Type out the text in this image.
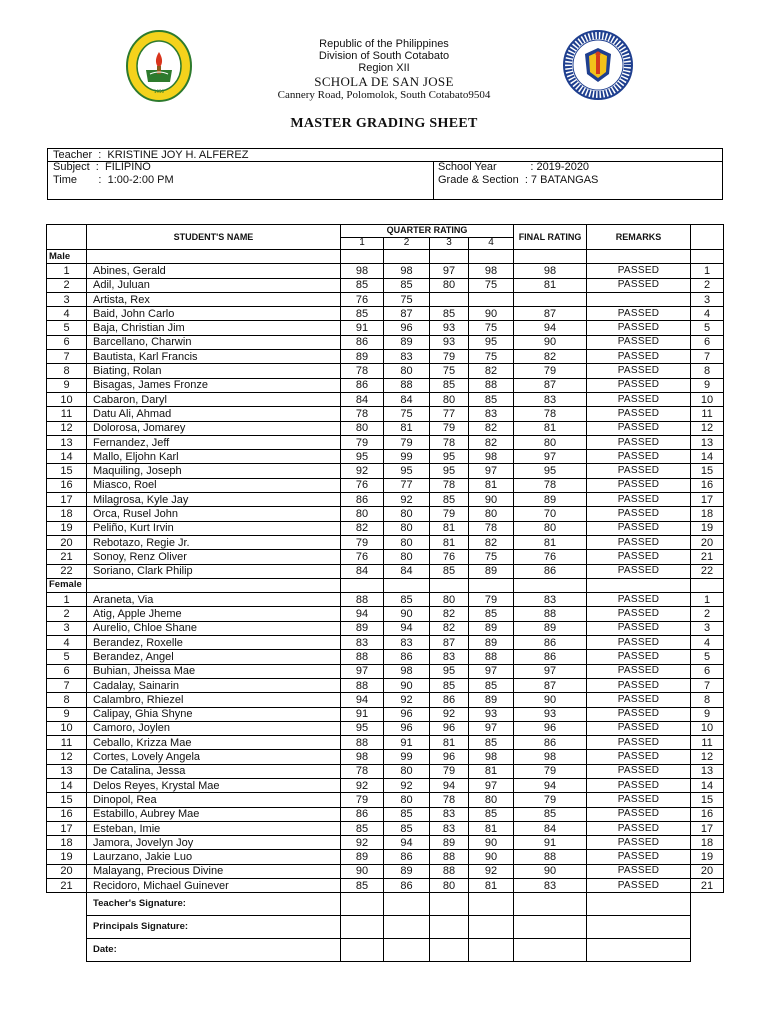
1950
Republic of the Philippines
Division of South Cotabato
Region XII
SCHOLA DE SAN JOSE
Cannery Road, Polomolok, South Cotabato9504
MASTER GRADING SHEET
Teacher  :  KRISTINE JOY H. ALFEREZ
Subject  :  FILIPINO
Time       :  1:00-2:00 PM
School Year           : 2019-2020
Grade & Section  : 7 BATANGAS
	STUDENT'S NAME	QUARTER RATING				FINAL RATING	REMARKS	
		1	2	3	4			
Male								
1	Abines, Gerald	98	98	97	98	98	PASSED	1
2	Adil, Juluan	85	85	80	75	81	PASSED	2
3	Artista, Rex	76	75					3
4	Baid, John Carlo	85	87	85	90	87	PASSED	4
5	Baja, Christian Jim	91	96	93	75	94	PASSED	5
6	Barcellano, Charwin	86	89	93	95	90	PASSED	6
7	Bautista, Karl Francis	89	83	79	75	82	PASSED	7
8	Biating, Rolan	78	80	75	82	79	PASSED	8
9	Bisagas, James Fronze	86	88	85	88	87	PASSED	9
10	Cabaron, Daryl	84	84	80	85	83	PASSED	10
11	Datu Ali, Ahmad	78	75	77	83	78	PASSED	11
12	Dolorosa, Jomarey	80	81	79	82	81	PASSED	12
13	Fernandez, Jeff	79	79	78	82	80	PASSED	13
14	Mallo, Eljohn Karl	95	99	95	98	97	PASSED	14
15	Maquiling, Joseph	92	95	95	97	95	PASSED	15
16	Miasco, Roel	76	77	78	81	78	PASSED	16
17	Milagrosa, Kyle Jay	86	92	85	90	89	PASSED	17
18	Orca, Rusel John	80	80	79	80	70	PASSED	18
19	Peliño, Kurt Irvin	82	80	81	78	80	PASSED	19
20	Rebotazo, Regie Jr.	79	80	81	82	81	PASSED	20
21	Sonoy, Renz Oliver	76	80	76	75	76	PASSED	21
22	Soriano, Clark Philip	84	84	85	89	86	PASSED	22
Female								
1	Araneta, Via	88	85	80	79	83	PASSED	1
2	Atig, Apple Jheme	94	90	82	85	88	PASSED	2
3	Aurelio, Chloe Shane	89	94	82	89	89	PASSED	3
4	Berandez, Roxelle	83	83	87	89	86	PASSED	4
5	Berandez, Angel	88	86	83	88	86	PASSED	5
6	Buhian, Jheissa Mae	97	98	95	97	97	PASSED	6
7	Cadalay, Sainarin	88	90	85	85	87	PASSED	7
8	Calambro, Rhiezel	94	92	86	89	90	PASSED	8
9	Calipay, Ghia Shyne	91	96	92	93	93	PASSED	9
10	Camoro, Joylen	95	96	96	97	96	PASSED	10
11	Ceballo, Krizza Mae	88	91	81	85	86	PASSED	11
12	Cortes, Lovely Angela	98	99	96	98	98	PASSED	12
13	De Catalina, Jessa	78	80	79	81	79	PASSED	13
14	Delos Reyes, Krystal Mae	92	92	94	97	94	PASSED	14
15	Dinopol, Rea	79	80	78	80	79	PASSED	15
16	Estabillo, Aubrey Mae	86	85	83	85	85	PASSED	16
17	Esteban, Imie	85	85	83	81	84	PASSED	17
18	Jamora, Jovelyn Joy	92	94	89	90	91	PASSED	18
19	Laurzano, Jakie Luo	89	86	88	90	88	PASSED	19
20	Malayang, Precious Divine	90	89	88	92	90	PASSED	20
21	Recidoro, Michael Guinever	85	86	80	81	83	PASSED	21
	Teacher's Signature:							
	Principals Signature:							
	Date:							
